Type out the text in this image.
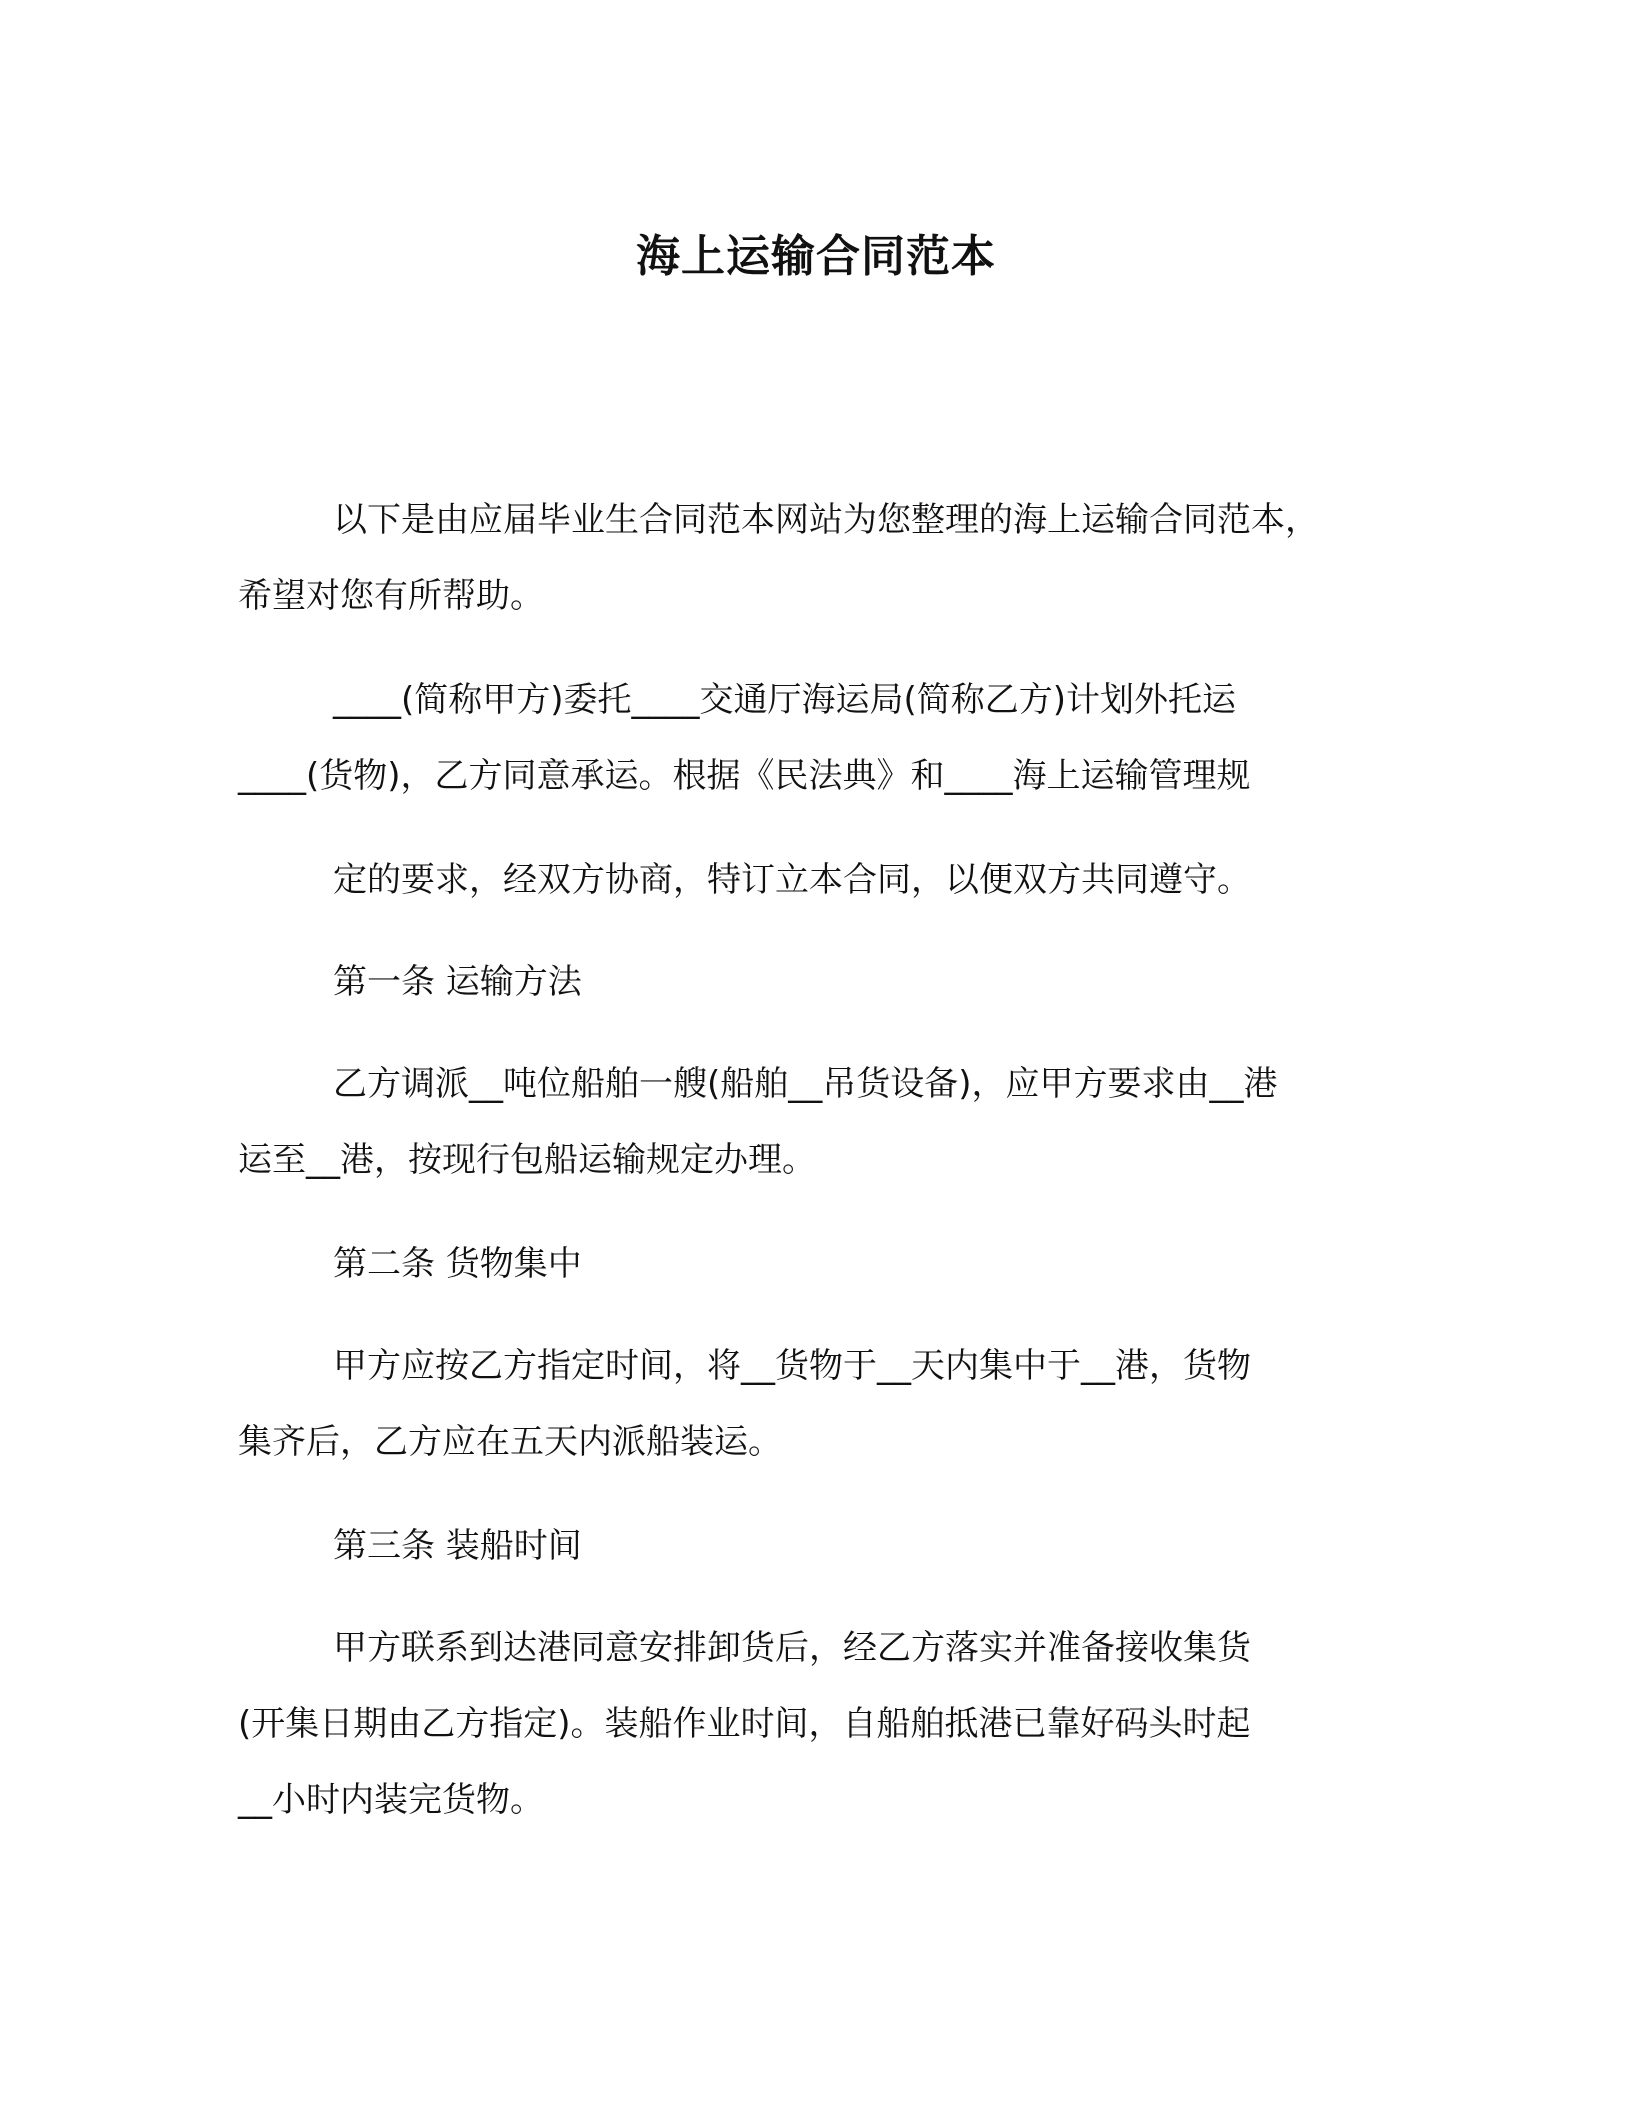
海上运输合同范本
以下是由应届毕业生合同范本网站为您整理的海上运输合同范本，
希望对您有所帮助。
____(简称甲方)委托____交通厅海运局(简称乙方)计划外托运
____(货物)，乙方同意承运。根据《民法典》和____海上运输管理规
定的要求，经双方协商，特订立本合同，以便双方共同遵守。
第一条 运输方法
乙方调派__吨位船舶一艘(船舶__吊货设备)，应甲方要求由__港
运至__港，按现行包船运输规定办理。
第二条 货物集中
甲方应按乙方指定时间，将__货物于__天内集中于__港，货物
集齐后，乙方应在五天内派船装运。
第三条 装船时间
甲方联系到达港同意安排卸货后，经乙方落实并准备接收集货
(开集日期由乙方指定)。装船作业时间，自船舶抵港已靠好码头时起
__小时内装完货物。
